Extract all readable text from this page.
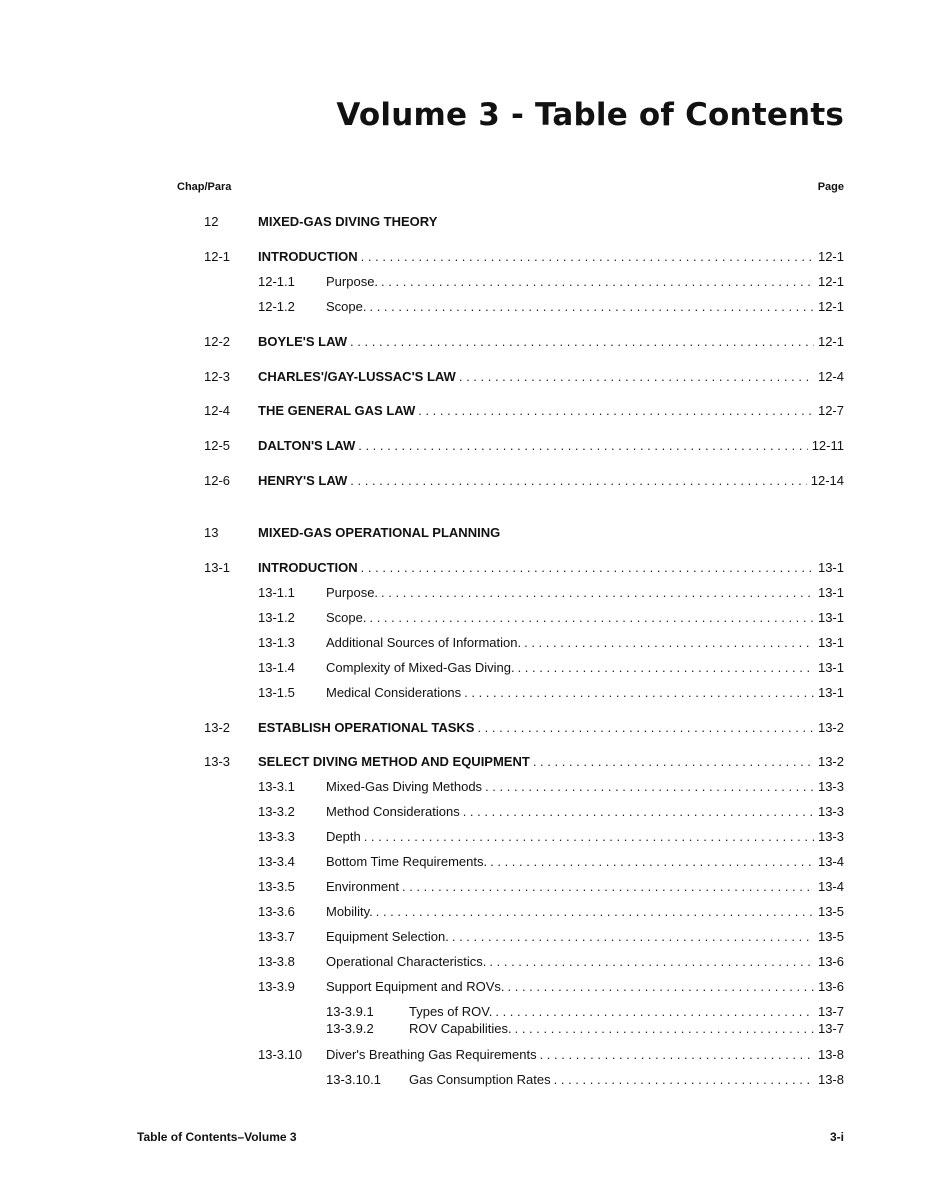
Volume 3 - Table of Contents
Chap/Para	Page
12	MIXED-GAS DIVING THEORY
12-1 INTRODUCTION . . .	12-1
12-1.1 Purpose. . . .	12-1
12-1.2 Scope. . . .	12-1
12-2 BOYLE'S LAW . . .	12-1
12-3 CHARLES'/GAY-LUSSAC'S LAW . . .	12-4
12-4 THE GENERAL GAS LAW . . .	12-7
12-5 DALTON'S LAW . . .	12-11
12-6 HENRY'S LAW . . .	12-14
13	MIXED-GAS OPERATIONAL PLANNING
13-1 INTRODUCTION . . .	13-1
13-1.1 Purpose. . . .	13-1
13-1.2 Scope. . . .	13-1
13-1.3 Additional Sources of Information. . . .	13-1
13-1.4 Complexity of Mixed-Gas Diving. . . .	13-1
13-1.5 Medical Considerations . . .	13-1
13-2 ESTABLISH OPERATIONAL TASKS . . .	13-2
13-3 SELECT DIVING METHOD AND EQUIPMENT . . .	13-2
13-3.1 Mixed-Gas Diving Methods . . .	13-3
13-3.2 Method Considerations . . .	13-3
13-3.3 Depth . . .	13-3
13-3.4 Bottom Time Requirements. . . .	13-4
13-3.5 Environment . . .	13-4
13-3.6 Mobility. . . .	13-5
13-3.7 Equipment Selection. . . .	13-5
13-3.8 Operational Characteristics. . . .	13-6
13-3.9 Support Equipment and ROVs. . . .	13-6
13-3.9.1	Types of ROV. . . .	13-7
13-3.9.2	ROV Capabilities. . . .	13-7
13-3.10 Diver's Breathing Gas Requirements . . .	13-8
13-3.10.1 Gas Consumption Rates . . .	13-8
Table of Contents–Volume 3	3-i
